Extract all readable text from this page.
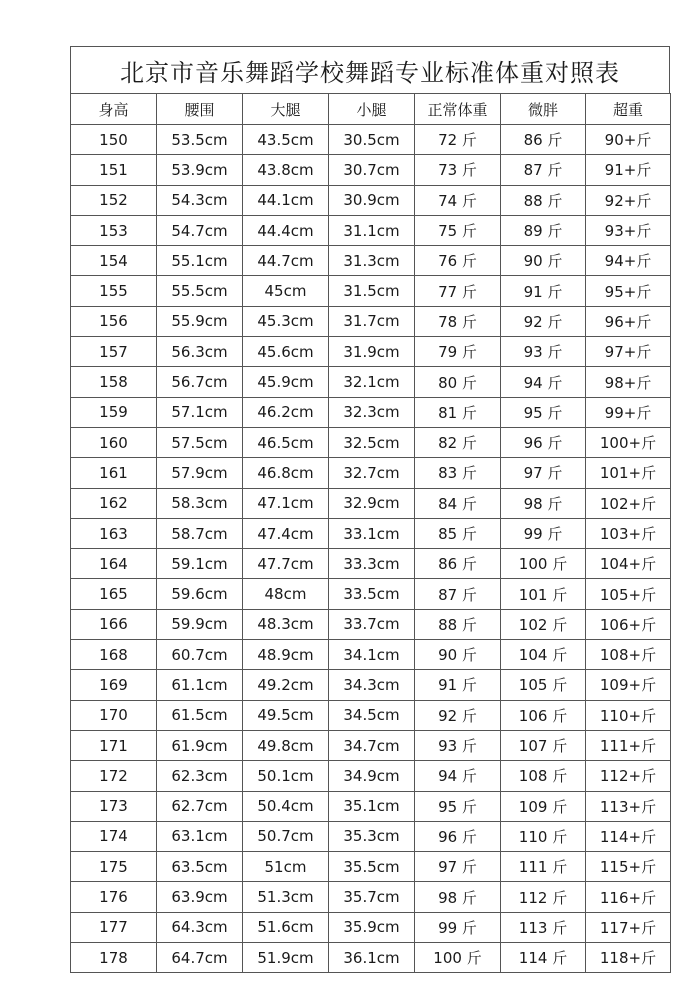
北京市音乐舞蹈学校舞蹈专业标准体重对照表
身高	腰围	大腿	小腿	正常体重	微胖	超重
150	53.5cm	43.5cm	30.5cm	72 斤	86 斤	90+斤
151	53.9cm	43.8cm	30.7cm	73 斤	87 斤	91+斤
152	54.3cm	44.1cm	30.9cm	74 斤	88 斤	92+斤
153	54.7cm	44.4cm	31.1cm	75 斤	89 斤	93+斤
154	55.1cm	44.7cm	31.3cm	76 斤	90 斤	94+斤
155	55.5cm	45cm	31.5cm	77 斤	91 斤	95+斤
156	55.9cm	45.3cm	31.7cm	78 斤	92 斤	96+斤
157	56.3cm	45.6cm	31.9cm	79 斤	93 斤	97+斤
158	56.7cm	45.9cm	32.1cm	80 斤	94 斤	98+斤
159	57.1cm	46.2cm	32.3cm	81 斤	95 斤	99+斤
160	57.5cm	46.5cm	32.5cm	82 斤	96 斤	100+斤
161	57.9cm	46.8cm	32.7cm	83 斤	97 斤	101+斤
162	58.3cm	47.1cm	32.9cm	84 斤	98 斤	102+斤
163	58.7cm	47.4cm	33.1cm	85 斤	99 斤	103+斤
164	59.1cm	47.7cm	33.3cm	86 斤	100 斤	104+斤
165	59.6cm	48cm	33.5cm	87 斤	101 斤	105+斤
166	59.9cm	48.3cm	33.7cm	88 斤	102 斤	106+斤
168	60.7cm	48.9cm	34.1cm	90 斤	104 斤	108+斤
169	61.1cm	49.2cm	34.3cm	91 斤	105 斤	109+斤
170	61.5cm	49.5cm	34.5cm	92 斤	106 斤	110+斤
171	61.9cm	49.8cm	34.7cm	93 斤	107 斤	111+斤
172	62.3cm	50.1cm	34.9cm	94 斤	108 斤	112+斤
173	62.7cm	50.4cm	35.1cm	95 斤	109 斤	113+斤
174	63.1cm	50.7cm	35.3cm	96 斤	110 斤	114+斤
175	63.5cm	51cm	35.5cm	97 斤	111 斤	115+斤
176	63.9cm	51.3cm	35.7cm	98 斤	112 斤	116+斤
177	64.3cm	51.6cm	35.9cm	99 斤	113 斤	117+斤
178	64.7cm	51.9cm	36.1cm	100 斤	114 斤	118+斤
